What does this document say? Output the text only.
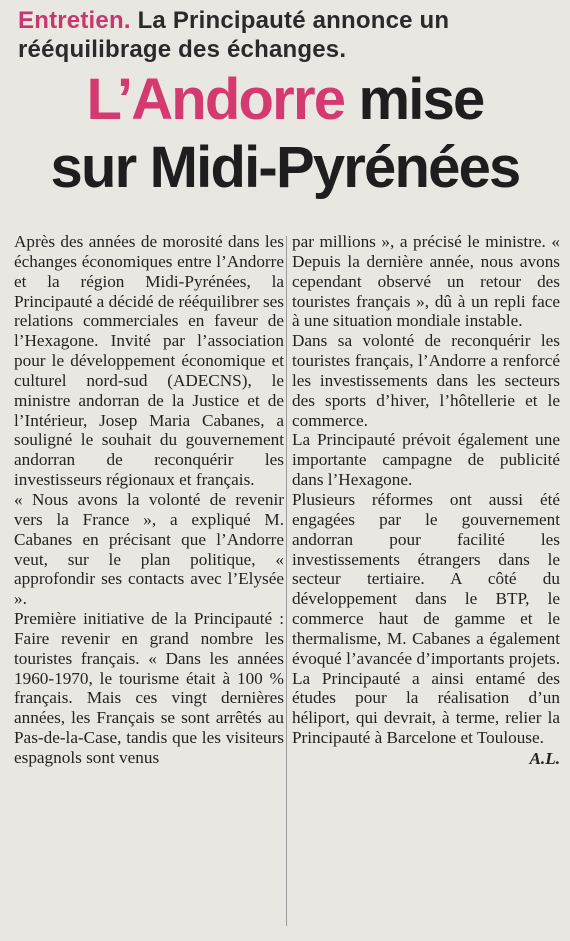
Entretien. La Principauté annonce un rééquilibrage des échanges.
L’Andorre mise
sur Midi-Pyrénées

Après des années de morosité dans les échanges économiques entre l’Andorre et la région Midi-Pyrénées, la Principauté a décidé de rééquilibrer ses relations commerciales en faveur de l’Hexagone. Invité par l’association pour le développement économique et culturel nord-sud (ADECNS), le ministre andorran de la Justice et de l’Intérieur, Josep Maria Cabanes, a souligné le souhait du gouvernement andorran de reconquérir les investisseurs régionaux et français.

« Nous avons la volonté de revenir vers la France », a expliqué M. Cabanes en précisant que l’Andorre veut, sur le plan politique, « approfondir ses contacts avec l’Elysée ».

Première initiative de la Principauté : Faire revenir en grand nombre les touristes français. « Dans les années 1960-1970, le tourisme était à 100 % français. Mais ces vingt dernières années, les Français se sont arrêtés au Pas-de-la-Case, tandis que les visiteurs espagnols sont venus

par millions », a précisé le ministre. « Depuis la dernière année, nous avons cependant observé un retour des touristes français », dû à un repli face à une situation mondiale instable.

Dans sa volonté de reconquérir les touristes français, l’Andorre a renforcé les investissements dans les secteurs des sports d’hiver, l’hôtellerie et le commerce.

La Principauté prévoit également une importante campagne de publicité dans l’Hexagone.

Plusieurs réformes ont aussi été engagées par le gouvernement andorran pour facilité les investissements étrangers dans le secteur tertiaire. A côté du développement dans le BTP, le commerce haut de gamme et le thermalisme, M. Cabanes a également évoqué l’avancée d’importants projets. La Principauté a ainsi entamé des études pour la réalisation d’un héliport, qui devrait, à terme, relier la Principauté à Barcelone et Toulouse.

A.L.
